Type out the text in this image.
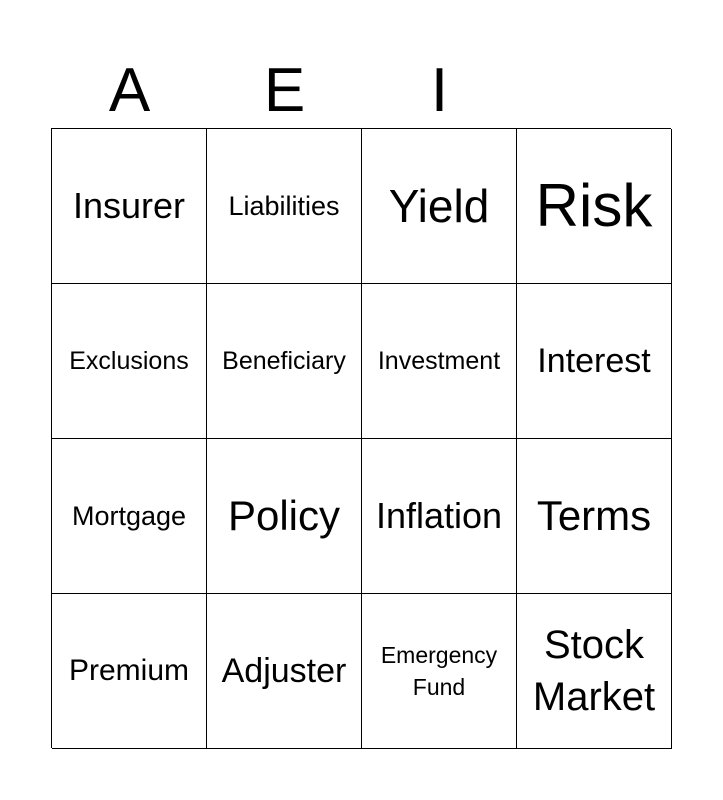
A	E	I
Insurer Liabilities Yield Risk
Exclusions Beneficiary Investment Interest
Mortgage Policy Inflation Terms
Premium Adjuster Emergency
Fund
Stock
Market
